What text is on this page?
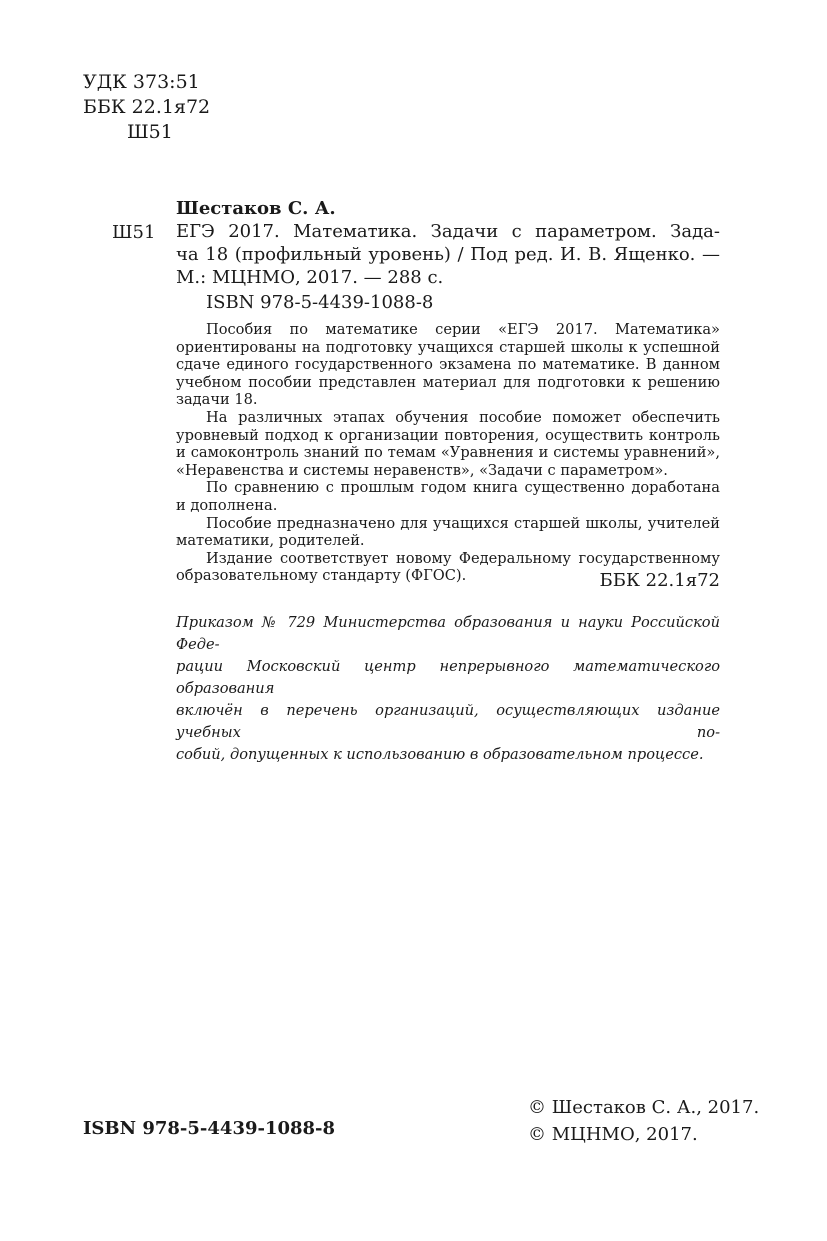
УДК 373:51
ББК 22.1я72
Ш51
Шестаков С. А.
Ш51 ЕГЭ 2017. Математика. Задачи с параметром. Зада-
ча 18 (профильный уровень) / Под ред. И. В. Ященко. —
М.: МЦНМО, 2017. — 288 с.
ISBN 978-5-4439-1088-8

Пособия по математике серии «ЕГЭ 2017. Математика» ориентированы на подготовку учащихся старшей школы к успешной сдаче единого государственного экзамена по математике. В данном учебном пособии представлен материал для подготовки к решению задачи 18.

На различных этапах обучения пособие поможет обеспечить уровневый подход к организации повторения, осуществить контроль и самоконтроль знаний по темам «Уравнения и системы уравнений», «Неравенства и системы неравенств», «Задачи с параметром».

По сравнению с прошлым годом книга существенно доработана и дополнена.

Пособие предназначено для учащихся старшей школы, учителей математики, родителей.

Издание соответствует новому Федеральному государственному образовательному стандарту (ФГОС).	ББК 22.1я72
Приказом № 729 Министерства образования и науки Российской Феде-
рации Московский центр непрерывного математического образования
включён в перечень организаций, осуществляющих издание учебных по-
собий, допущенных к использованию в образовательном процессе.
ISBN 978-5-4439-1088-8
© Шестаков С. А., 2017.
© МЦНМО, 2017.
